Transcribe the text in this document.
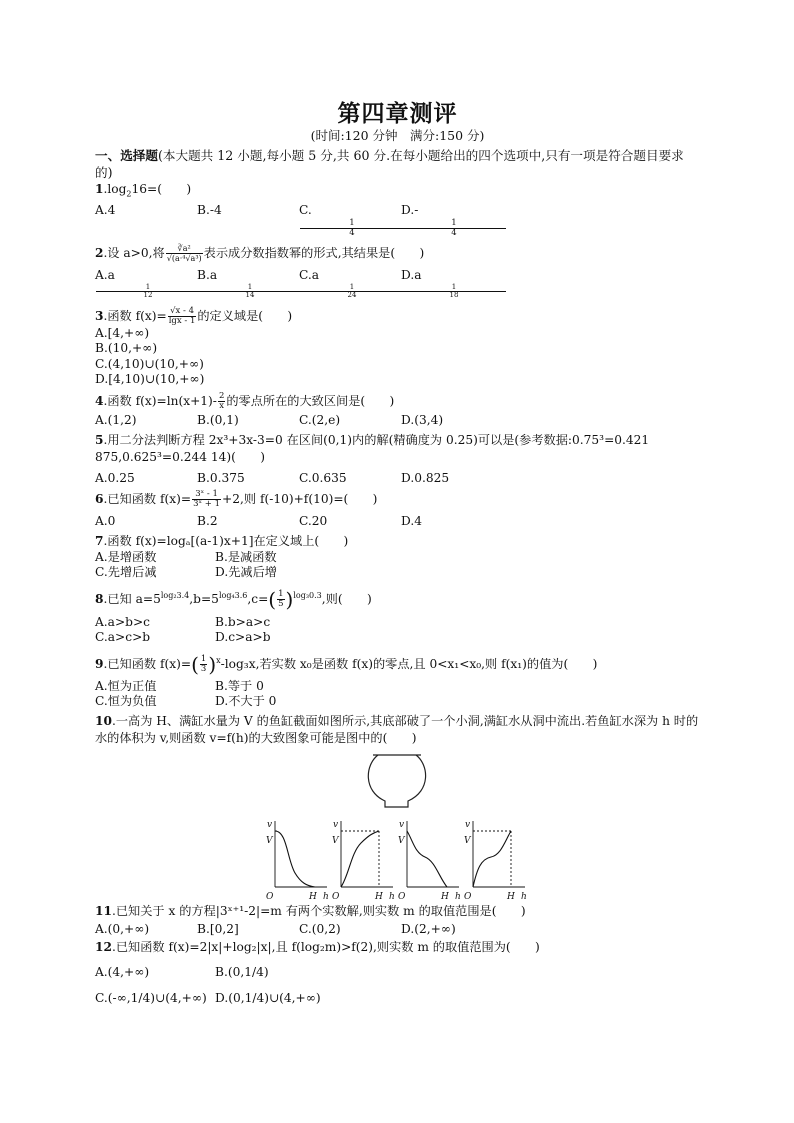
第四章测评
(时间:120 分钟　满分:150 分)
一、选择题(本大题共 12 小题,每小题 5 分,共 60 分.在每小题给出的四个选项中,只有一项是符合题目要求的)
$1.\log_216=$(　　)
A.4	B.-4	C.
$\frac{1}{4}$
D.-
$\frac{1}{4}$
2.设 a>0,将 $\frac{\text{∛a²}}{\text{√(a·⁴√a³)}}$ 表示成分数指数幂的形式,其结果是(　　)
A.a
$^{\frac{1}{12}}$
B.a
$^{\frac{1}{14}}$
C.a
$^{\frac{1}{24}}$
D.a
$^{\frac{1}{18}}$
3.函数 $f(x)= \frac{√x - 4}{\lg x - 1}$ 的定义域是(　　)
A.[4,+∞)
B.(10,+∞)
C.(4,10)∪(10,+∞)
D.[4,10)∪(10,+∞)
4.函数 $f(x)=\ln(x+1)- \frac{2}{x}$ 的零点所在的大致区间是(　　)
A.(1,2)	B.(0,1)	C.(2,e)	D.(3,4)
5.用二分法判断方程 2x³+3x-3=0 在区间(0,1)内的解(精确度为 0.25)可以是(参考数据:0.75³=0.421 875,0.625³=0.244 14)(　　)
A.0.25	B.0.375	C.0.635	D.0.825
6.已知函数 $f(x)= \frac{\text{3ˣ - 1}}{\text{3ˣ + 1}} +2$,则 f(-10)+f(10)=(　　)
A.0	B.2	C.20	D.4
7.函数 f(x)=logₐ[(a-1)x+1]在定义域上(　　)
A.是增函数	B.是减函数
C.先增后减	D.先减后增
8.已知 $a=5^{log_23.4},b=5^{log_43.6},c=( \frac{1}{5} )^{log_30.3}$,则(　　)
A.a>b>c	B.b>a>c
C.a>c>b	D.c>a>b
9.已知函数 $f(x)=( \frac{1}{3} )^x-\log_3x$,若实数 x₀是函数 f(x)的零点,且 0<x₁<x₀,则 f(x₁)的值为(　　)
A.恒为正值	B.等于 0
C.恒为负值	D.不大于 0
10.一高为 H、满缸水量为 V 的鱼缸截面如图所示,其底部破了一个小洞,满缸水从洞中流出.若鱼缸水深为 h 时的水的体积为 v,则函数 v=f(h)的大致图象可能是图中的(　　)
v
V
O	H h
v
V
O	H h
v
V
O	H h
v
V
O	H h
11.已知关于 x 的方程|3ˣ⁺¹-2|=m 有两个实数解,则实数 m 的取值范围是(　　)
A.(0,+∞)	B.[0,2]	C.(0,2)	D.(2,+∞)
12.已知函数 f(x)=2|x|+log₂|x|,且 f(log₂m)>f(2),则实数 m 的取值范围为(　　)
A.(4,+∞)	B.(0,1/4)
C.(-∞,1/4)∪(4,+∞) D.(0,1/4)∪(4,+∞)
